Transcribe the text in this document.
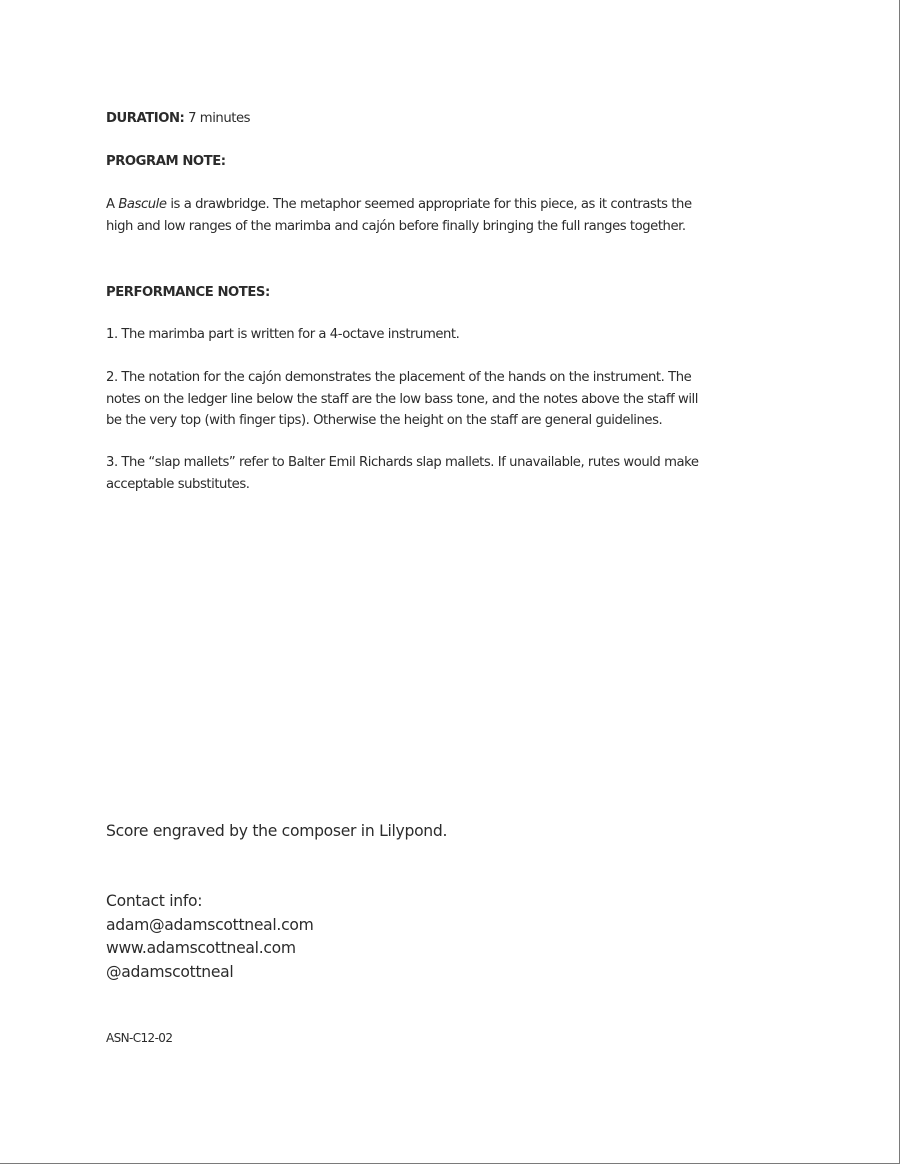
DURATION: 7 minutes
PROGRAM NOTE:
A Bascule is a drawbridge. The metaphor seemed appropriate for this piece, as it contrasts the
high and low ranges of the marimba and cajón before finally bringing the full ranges together.
PERFORMANCE NOTES:
1. The marimba part is written for a 4-octave instrument.
2. The notation for the cajón demonstrates the placement of the hands on the instrument. The
notes on the ledger line below the staff are the low bass tone, and the notes above the staff will
be the very top (with finger tips). Otherwise the height on the staff are general guidelines.
3. The “slap mallets” refer to Balter Emil Richards slap mallets. If unavailable, rutes would make
acceptable substitutes.
Score engraved by the composer in Lilypond.
Contact info:
adam@adamscottneal.com
www.adamscottneal.com
@adamscottneal
ASN-C12-02
